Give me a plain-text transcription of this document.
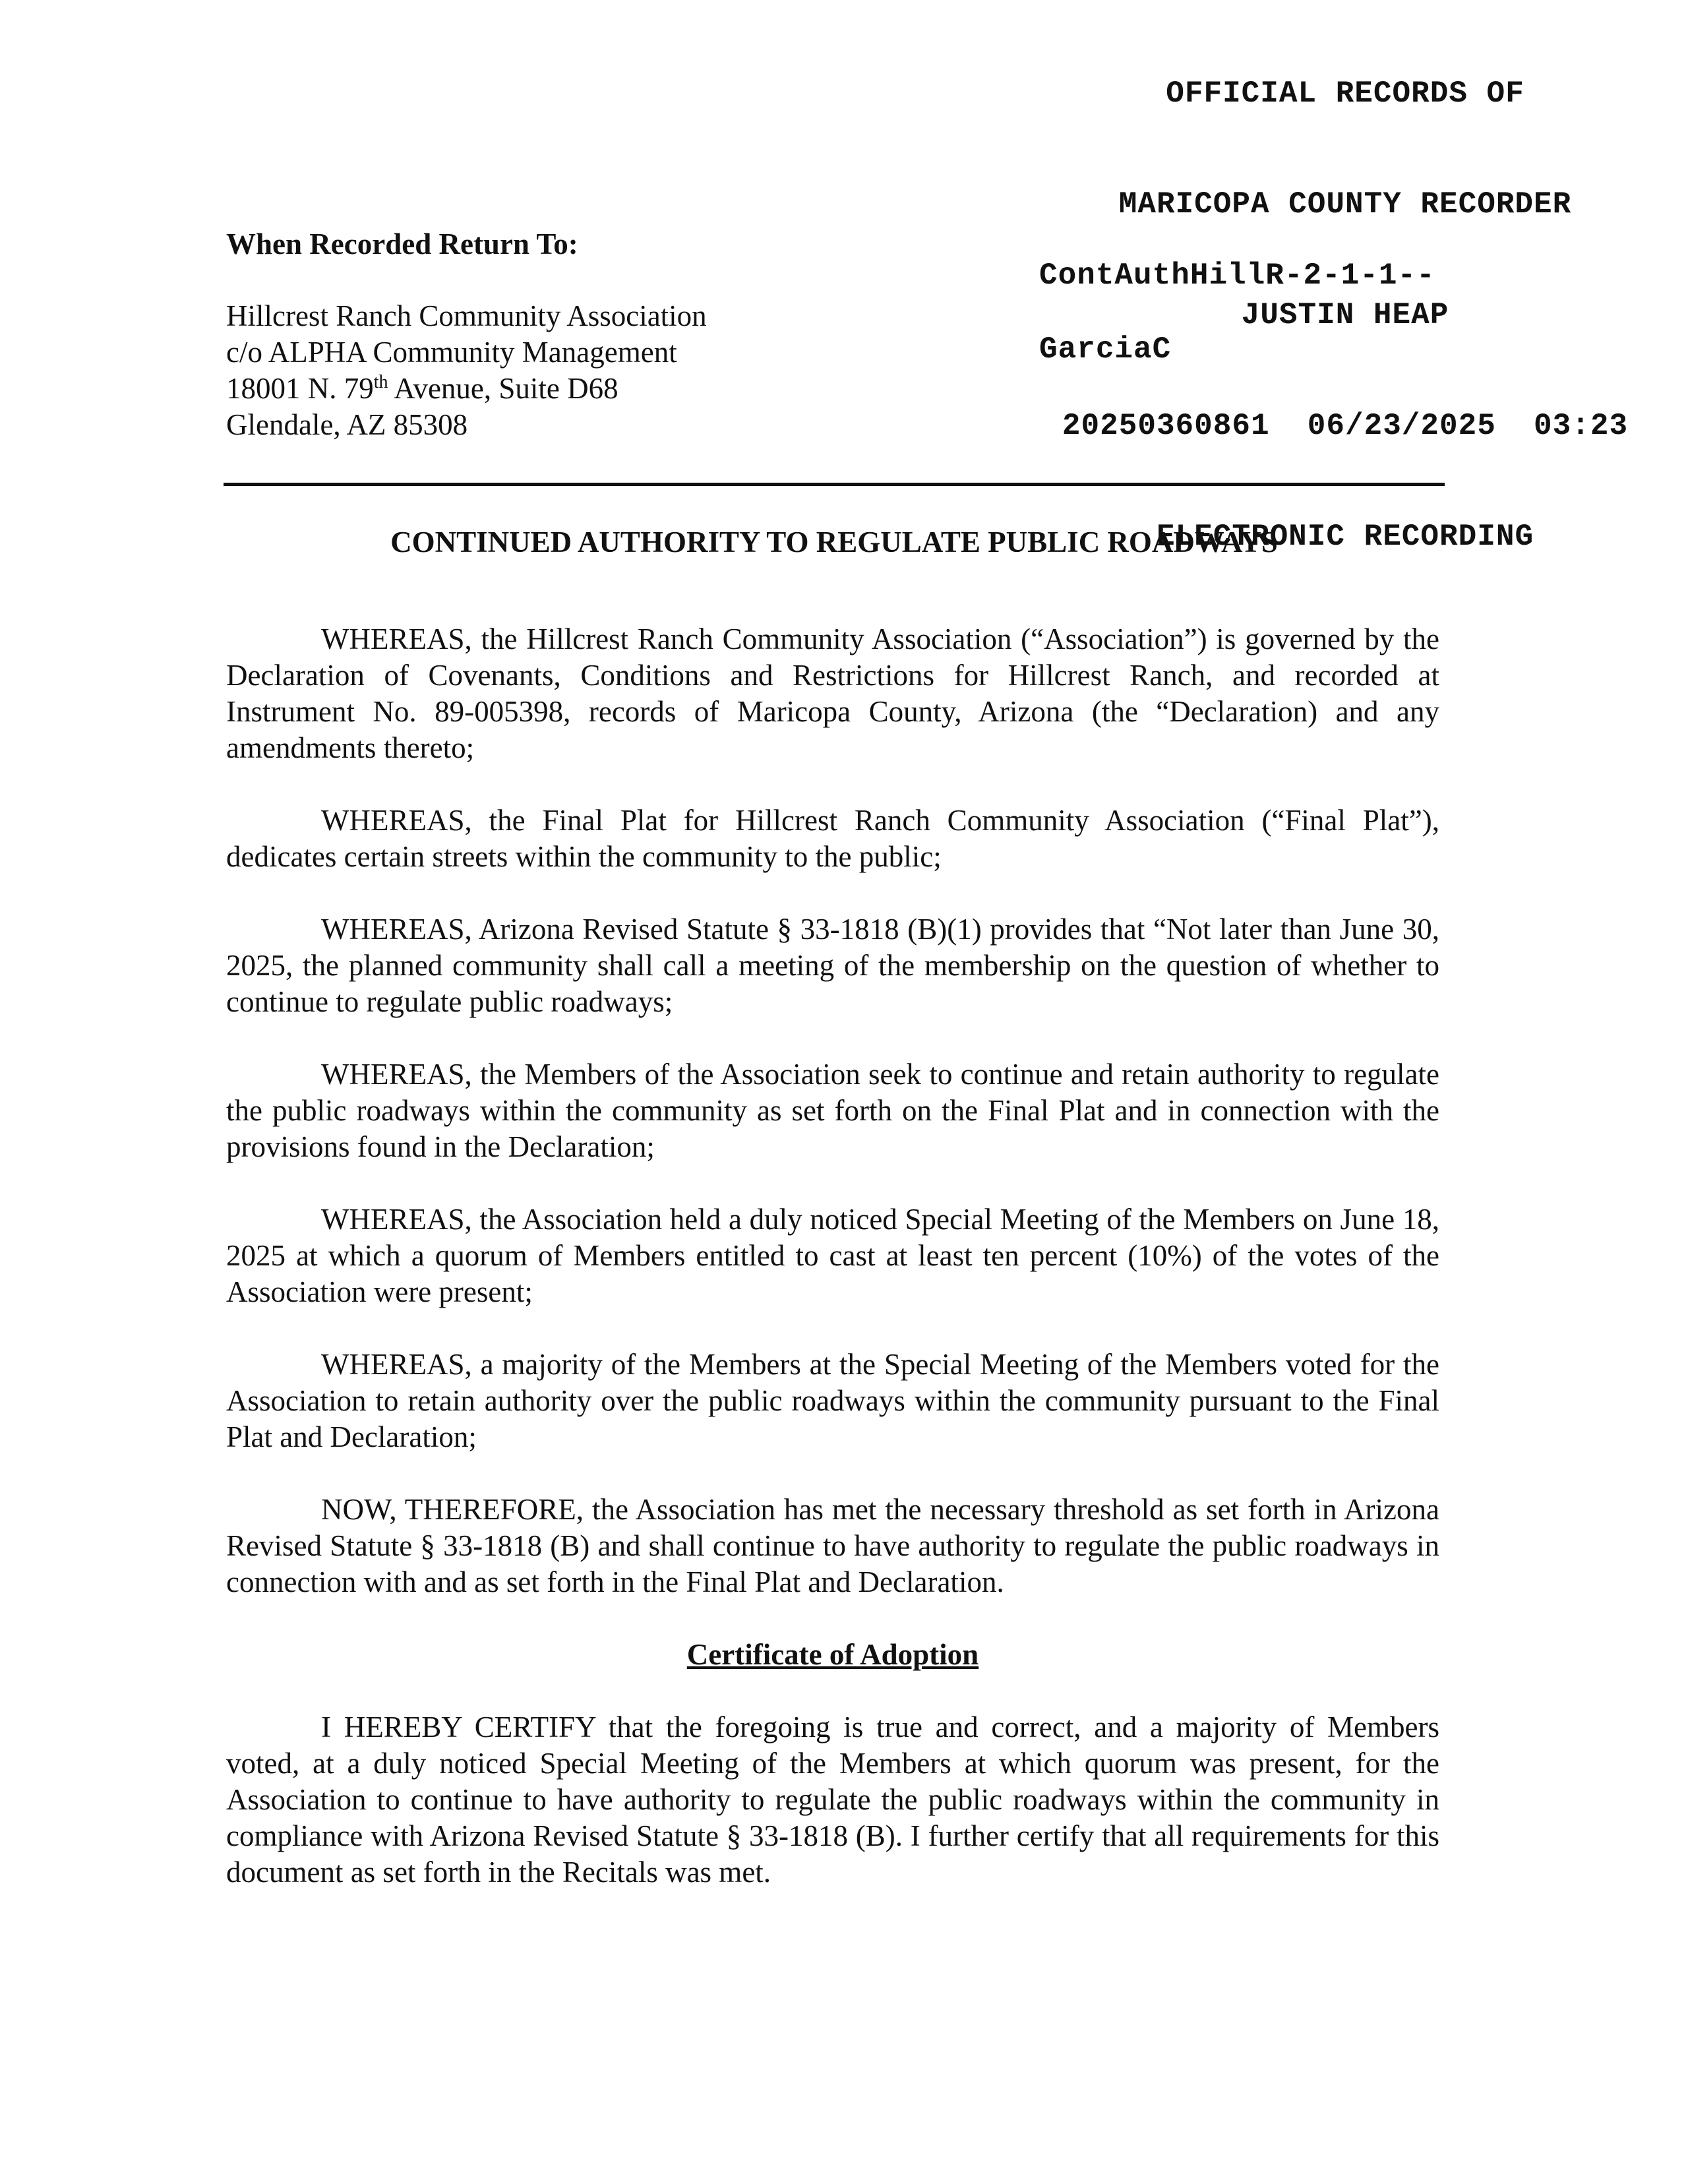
OFFICIAL RECORDS OF

MARICOPA COUNTY RECORDER

JUSTIN HEAP

20250360861  06/23/2025  03:23

ELECTRONIC RECORDING

ContAuthHillR-2-1-1--

GarciaC

When Recorded Return To:
Hillcrest Ranch Community Association
c/o ALPHA Community Management
18001 N. 79th Avenue, Suite D68
Glendale, AZ 85308
CONTINUED AUTHORITY TO REGULATE PUBLIC ROADWAYS

WHEREAS, the Hillcrest Ranch Community Association (“Association”) is governed by the Declaration of Covenants, Conditions and Restrictions for Hillcrest Ranch, and recorded at Instrument No. 89-005398, records of Maricopa County, Arizona (the “Declaration) and any amendments thereto;

WHEREAS, the Final Plat for Hillcrest Ranch Community Association (“Final Plat”), dedicates certain streets within the community to the public;

WHEREAS, Arizona Revised Statute § 33-1818 (B)(1) provides that “Not later than June 30, 2025, the planned community shall call a meeting of the membership on the question of whether to continue to regulate public roadways;

WHEREAS, the Members of the Association seek to continue and retain authority to regulate the public roadways within the community as set forth on the Final Plat and in connection with the provisions found in the Declaration;

WHEREAS, the Association held a duly noticed Special Meeting of the Members on June 18, 2025 at which a quorum of Members entitled to cast at least ten percent (10%) of the votes of the Association were present;

WHEREAS, a majority of the Members at the Special Meeting of the Members voted for the Association to retain authority over the public roadways within the community pursuant to the Final Plat and Declaration;

NOW, THEREFORE, the Association has met the necessary threshold as set forth in Arizona Revised Statute § 33-1818 (B) and shall continue to have authority to regulate the public roadways in connection with and as set forth in the Final Plat and Declaration.

Certificate of Adoption

I HEREBY CERTIFY that the foregoing is true and correct, and a majority of Members voted, at a duly noticed Special Meeting of the Members at which quorum was present, for the Association to continue to have authority to regulate the public roadways within the community in compliance with Arizona Revised Statute § 33-1818 (B). I further certify that all requirements for this document as set forth in the Recitals was met.
